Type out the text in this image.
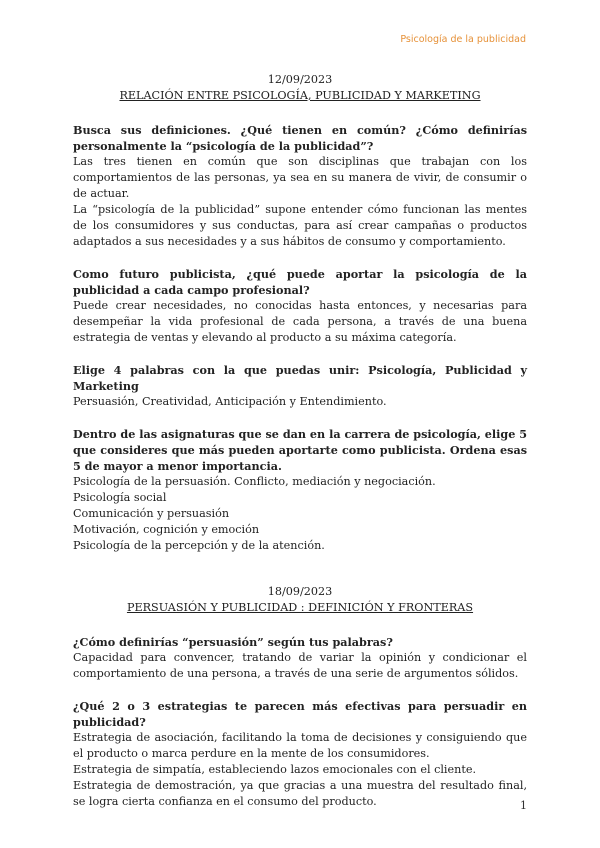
Psicología de la publicidad
12/09/2023
RELACIÓN ENTRE PSICOLOGÍA, PUBLICIDAD Y MARKETING
Busca sus definiciones. ¿Qué tienen en común? ¿Cómo definirías personalmente la “psicología de la publicidad”?
Las tres tienen en común que son disciplinas que trabajan con los comportamientos de las personas, ya sea en su manera de vivir, de consumir o de actuar.
La “psicología de la publicidad” supone entender cómo funcionan las mentes de los consumidores y sus conductas, para así crear campañas o productos adaptados a sus necesidades y a sus hábitos de consumo y comportamiento.
Como futuro publicista, ¿qué puede aportar la psicología de la publicidad a cada campo profesional?
Puede crear necesidades, no conocidas hasta entonces, y necesarias para desempeñar la vida profesional de cada persona, a través de una buena estrategia de ventas y elevando al producto a su máxima categoría.
Elige 4 palabras con la que puedas unir: Psicología, Publicidad y Marketing
Persuasión, Creatividad, Anticipación y Entendimiento.
Dentro de las asignaturas que se dan en la carrera de psicología, elige 5 que consideres que más pueden aportarte como publicista. Ordena esas 5 de mayor a menor importancia.
Psicología de la persuasión. Conflicto, mediación y negociación.
Psicología social
Comunicación y persuasión
Motivación, cognición y emoción
Psicología de la percepción y de la atención.
18/09/2023
PERSUASIÓN Y PUBLICIDAD : DEFINICIÓN Y FRONTERAS
¿Cómo definirías “persuasión” según tus palabras?
Capacidad para convencer, tratando de variar la opinión y condicionar el comportamiento de una persona, a través de una serie de argumentos sólidos.
¿Qué 2 o 3 estrategias te parecen más efectivas para persuadir en publicidad?
Estrategia de asociación, facilitando la toma de decisiones y consiguiendo que el producto o marca perdure en la mente de los consumidores.
Estrategia de simpatía, estableciendo lazos emocionales con el cliente.
Estrategia de demostración, ya que gracias a una muestra del resultado final, se logra cierta confianza en el consumo del producto.	1
